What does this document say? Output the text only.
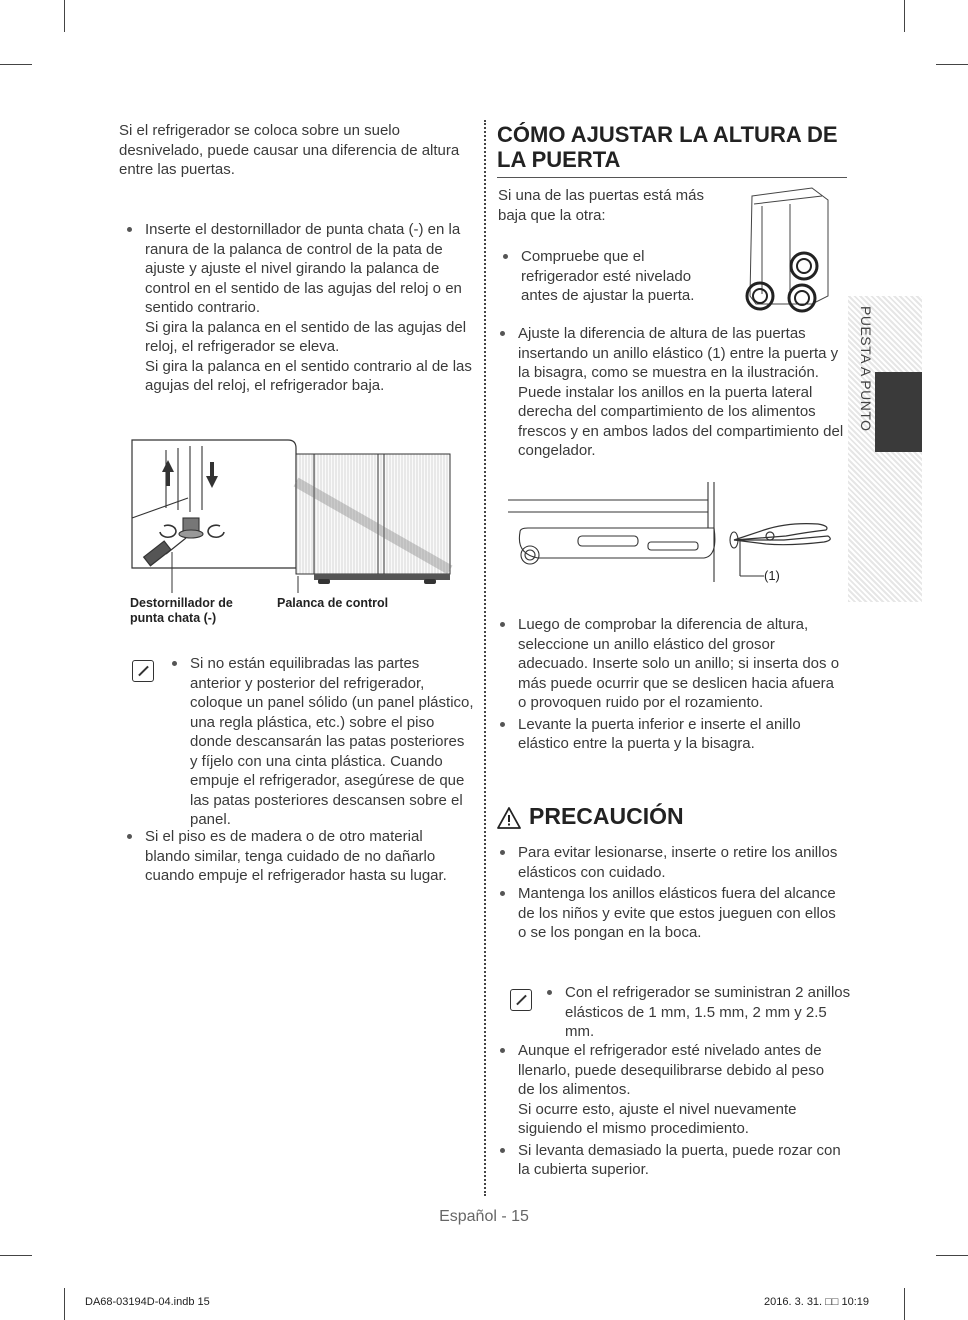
Si el refrigerador se coloca sobre un suelo desnivelado, puede causar una diferencia de altura entre las puertas.

Inserte el destornillador de punta chata (-) en la ranura de la palanca de control de la pata de ajuste y ajuste el nivel girando la palanca de control en el sentido de las agujas del reloj o en sentido contrario.
Si gira la palanca en el sentido de las agujas del reloj, el refrigerador se eleva.
Si gira la palanca en el sentido contrario al de las agujas del reloj, el refrigerador baja.
Destornillador de punta chata (-)
Palanca de control
Si no están equilibradas las partes anterior y posterior del refrigerador, coloque un panel sólido (un panel plástico, una regla plástica, etc.) sobre el piso donde descansarán las patas posteriores y fíjelo con una cinta plástica. Cuando empuje el refrigerador, asegúrese de que las patas posteriores descansen sobre el panel.
Si el piso es de madera o de otro material blando similar, tenga cuidado de no dañarlo cuando empuje el refrigerador hasta su lugar.
CÓMO AJUSTAR LA ALTURA DE LA PUERTA

Si una de las puertas está más baja que la otra:

Compruebe que el refrigerador esté nivelado antes de ajustar la puerta.
Ajuste la diferencia de altura de las puertas insertando un anillo elástico (1) entre la puerta y la bisagra, como se muestra en la ilustración. Puede instalar los anillos en la puerta lateral derecha del compartimiento de los alimentos frescos y en ambos lados del compartimiento del congelador.
(1)
Luego de comprobar la diferencia de altura, seleccione un anillo elástico del grosor adecuado. Inserte solo un anillo; si inserta dos o más puede ocurrir que se deslicen hacia afuera o provoquen ruido por el rozamiento.
Levante la puerta inferior e inserte el anillo elástico entre la puerta y la bisagra.
PRECAUCIÓN
Para evitar lesionarse, inserte o retire los anillos elásticos con cuidado.
Mantenga los anillos elásticos fuera del alcance de los niños y evite que estos jueguen con ellos o se los pongan en la boca.
Con el refrigerador se suministran 2 anillos elásticos de 1 mm, 1.5 mm, 2 mm y 2.5 mm.
Aunque el refrigerador esté nivelado antes de llenarlo, puede desequilibrarse debido al peso de los alimentos.
Si ocurre esto, ajuste el nivel nuevamente siguiendo el mismo procedimiento.
Si levanta demasiado la puerta, puede rozar con la cubierta superior.
PUESTA A PUNTO
Español - 15
DA68-03194D-04.indb 15	2016. 3. 31. □□ 10:19
